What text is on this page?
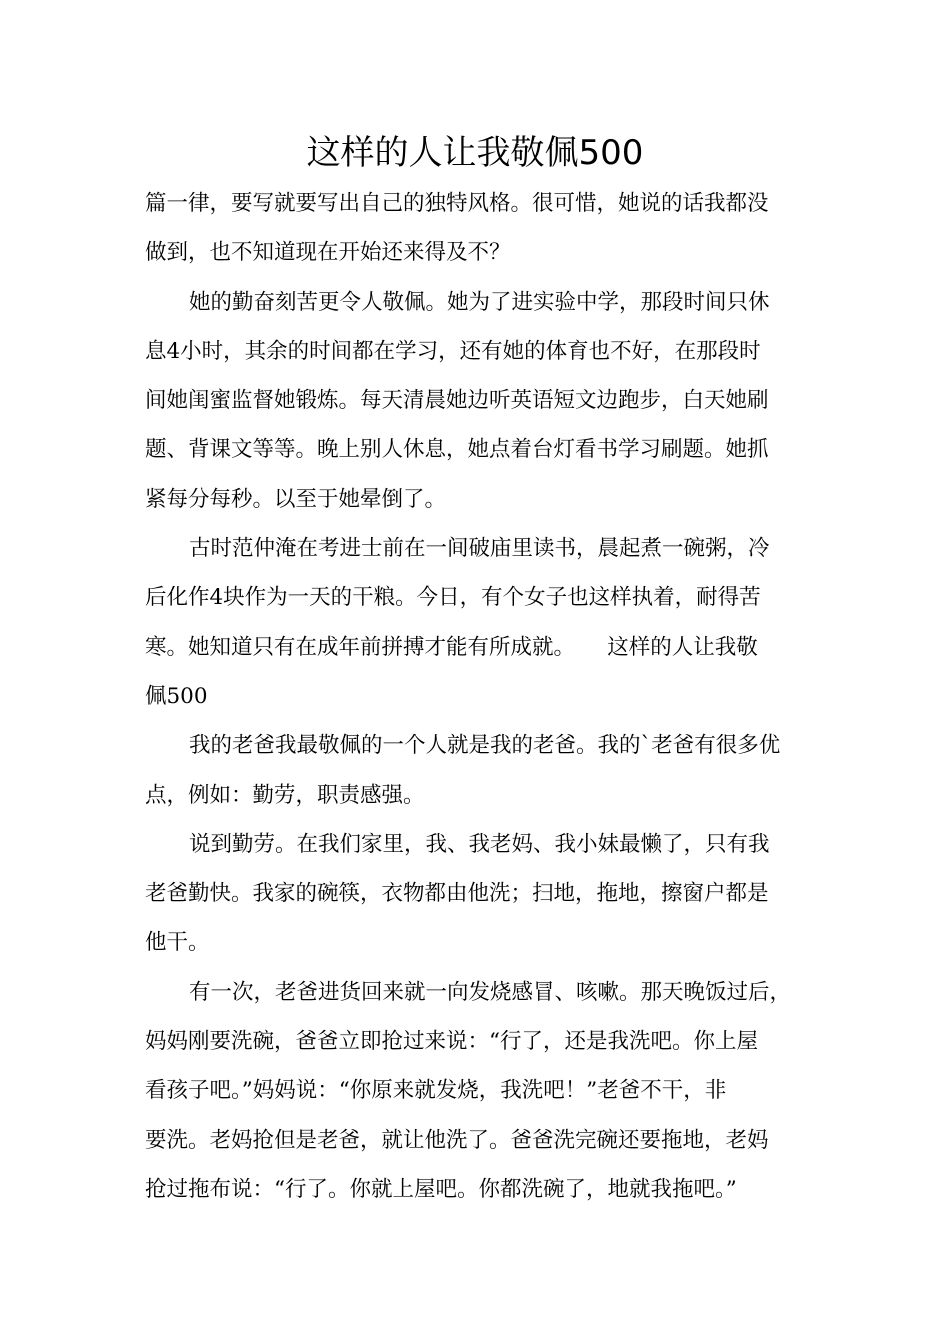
这样的人让我敬佩500
篇一律，要写就要写出自己的独特风格。很可惜，她说的话我都没
做到，也不知道现在开始还来得及不？
她的勤奋刻苦更令人敬佩。她为了进实验中学，那段时间只休
息4小时，其余的时间都在学习，还有她的体育也不好，在那段时
间她闺蜜监督她锻炼。每天清晨她边听英语短文边跑步，白天她刷
题、背课文等等。晚上别人休息，她点着台灯看书学习刷题。她抓
紧每分每秒。以至于她晕倒了。
古时范仲淹在考进士前在一间破庙里读书，晨起煮一碗粥，冷
后化作4块作为一天的干粮。今日，有个女子也这样执着，耐得苦
寒。她知道只有在成年前拼搏才能有所成就。　　这样的人让我敬
佩500
我的老爸我最敬佩的一个人就是我的老爸。我的`老爸有很多优
点，例如：勤劳，职责感强。
说到勤劳。在我们家里，我、我老妈、我小妹最懒了，只有我
老爸勤快。我家的碗筷，衣物都由他洗；扫地，拖地，擦窗户都是
他干。
有一次，老爸进货回来就一向发烧感冒、咳嗽。那天晚饭过后，
妈妈刚要洗碗，爸爸立即抢过来说：“行了，还是我洗吧。你上屋
看孩子吧。”妈妈说：“你原来就发烧，我洗吧！”老爸不干，非
要洗。老妈抢但是老爸，就让他洗了。爸爸洗完碗还要拖地，老妈
抢过拖布说：“行了。你就上屋吧。你都洗碗了，地就我拖吧。”
